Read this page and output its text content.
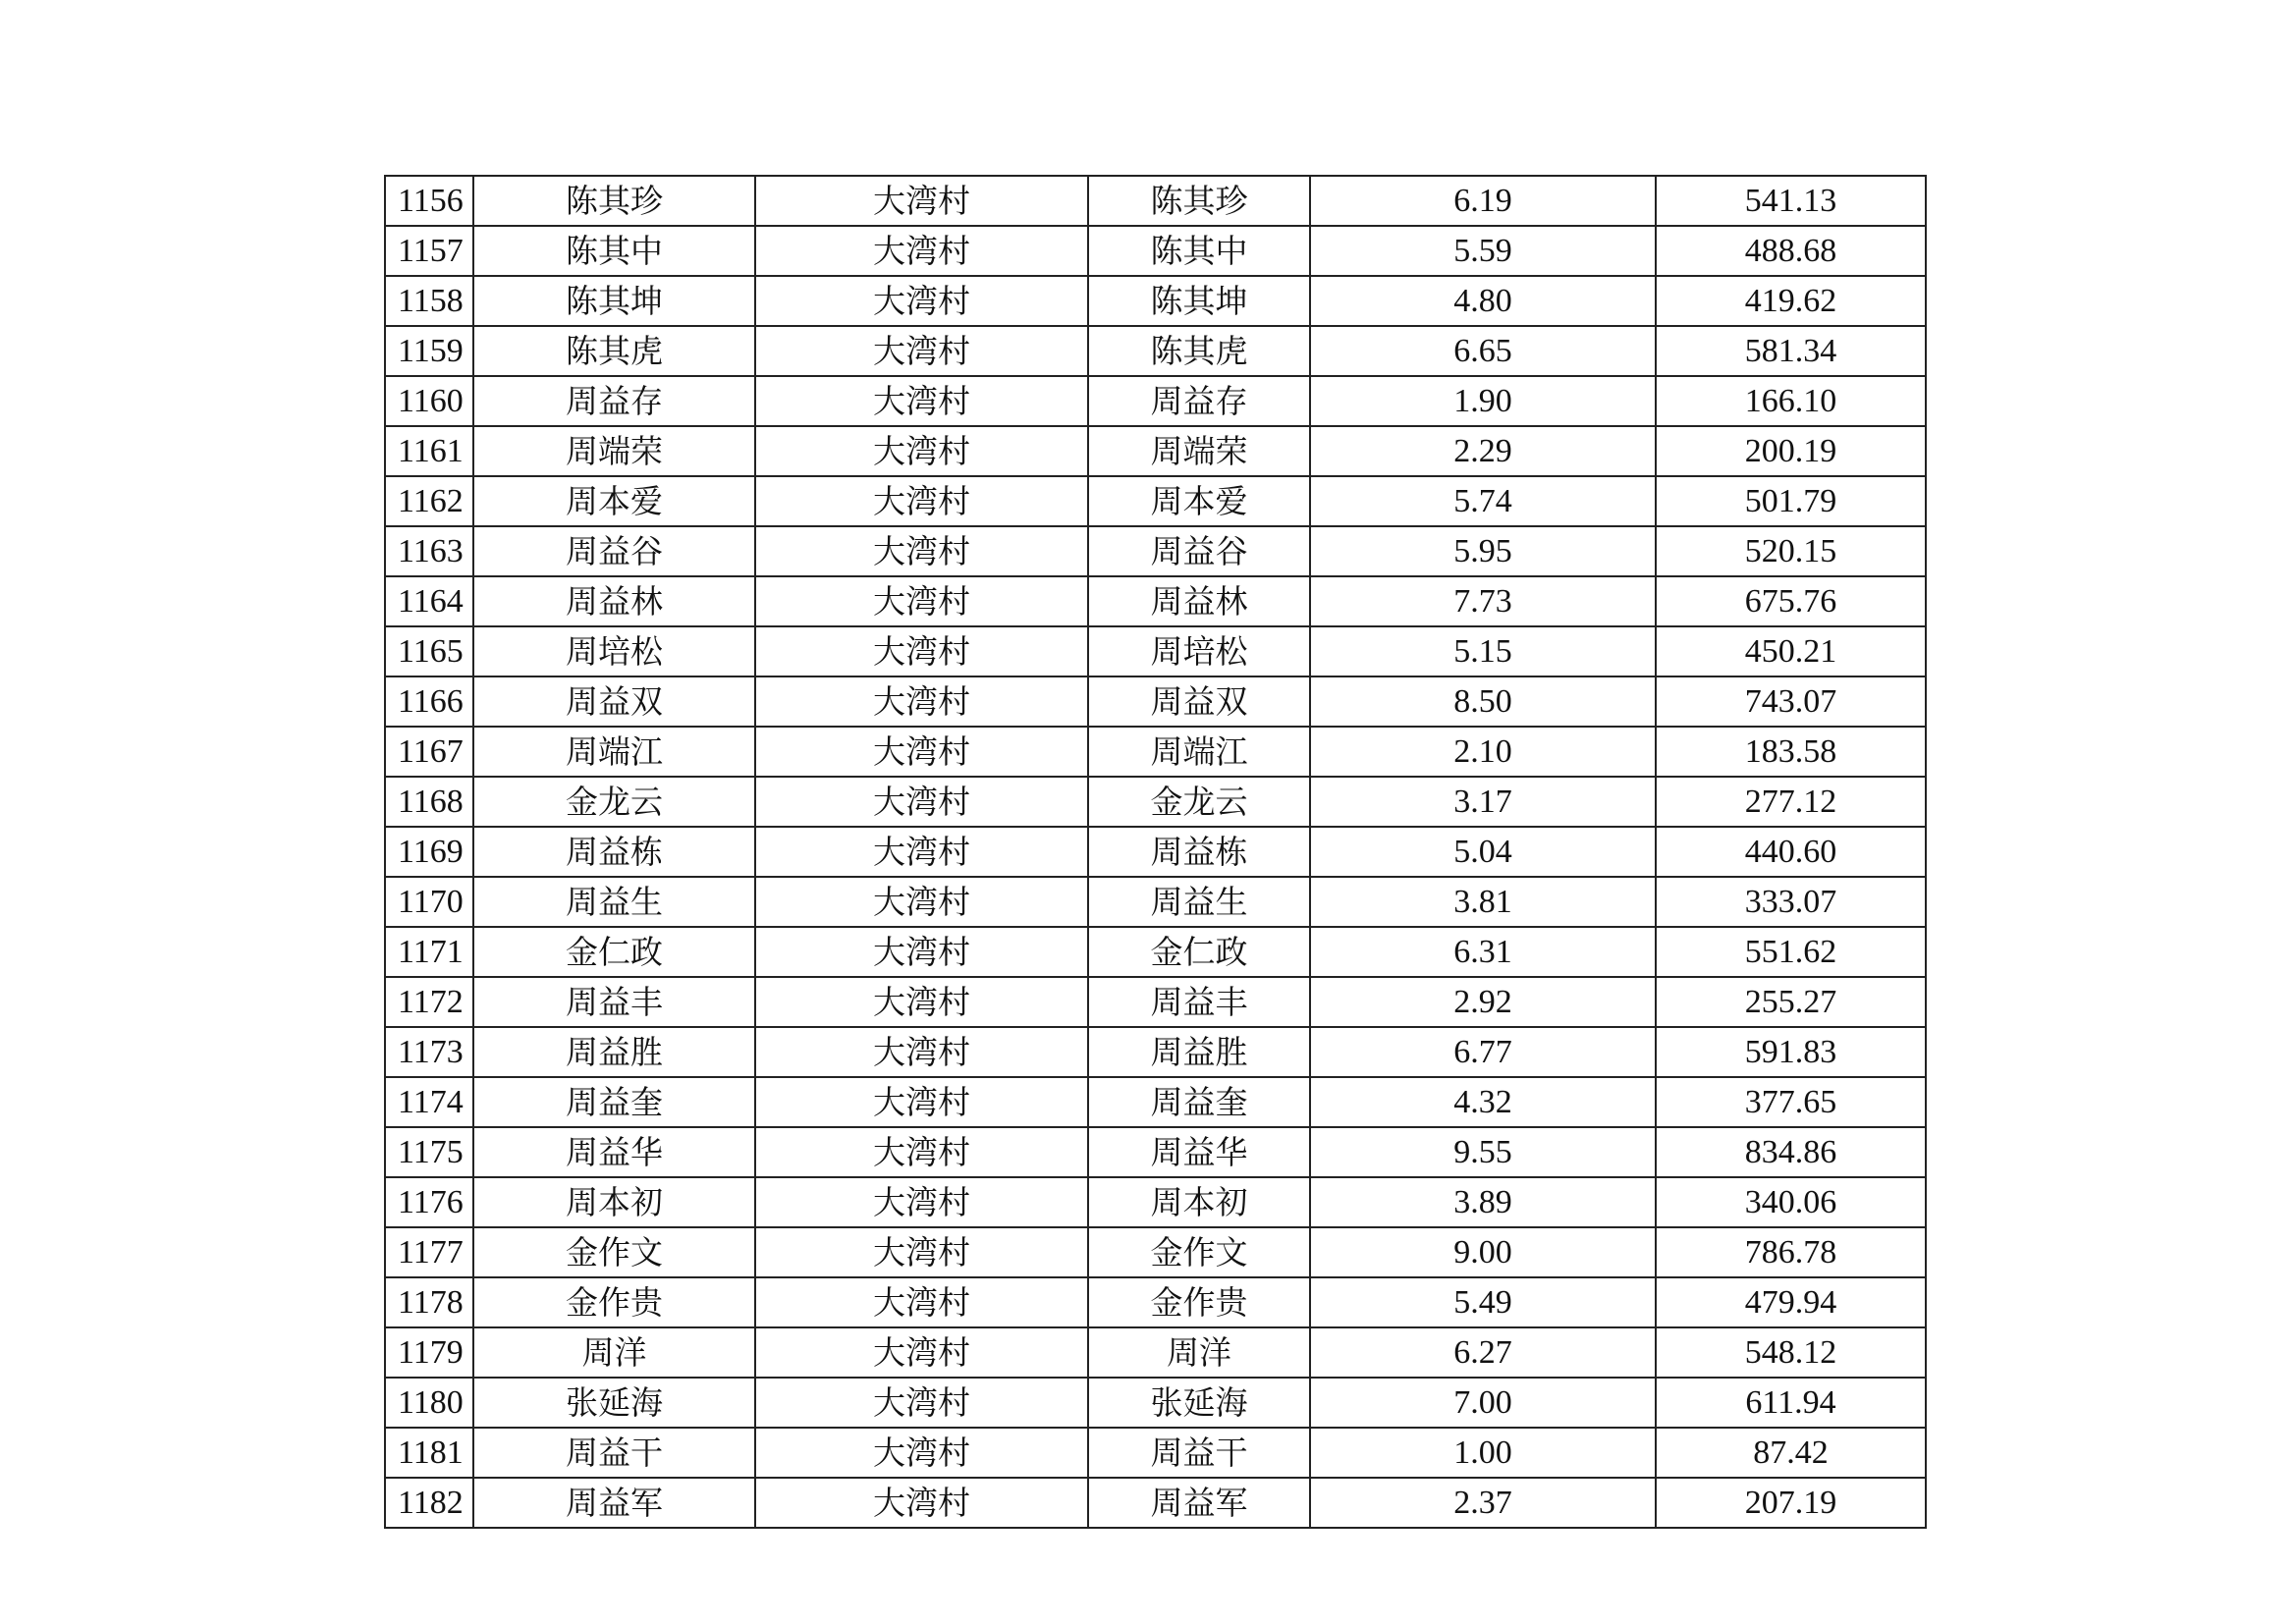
1156	陈其珍	大湾村	陈其珍	6.19	541.13
1157	陈其中	大湾村	陈其中	5.59	488.68
1158	陈其坤	大湾村	陈其坤	4.80	419.62
1159	陈其虎	大湾村	陈其虎	6.65	581.34
1160	周益存	大湾村	周益存	1.90	166.10
1161	周端荣	大湾村	周端荣	2.29	200.19
1162	周本爱	大湾村	周本爱	5.74	501.79
1163	周益谷	大湾村	周益谷	5.95	520.15
1164	周益林	大湾村	周益林	7.73	675.76
1165	周培松	大湾村	周培松	5.15	450.21
1166	周益双	大湾村	周益双	8.50	743.07
1167	周端江	大湾村	周端江	2.10	183.58
1168	金龙云	大湾村	金龙云	3.17	277.12
1169	周益栋	大湾村	周益栋	5.04	440.60
1170	周益生	大湾村	周益生	3.81	333.07
1171	金仁政	大湾村	金仁政	6.31	551.62
1172	周益丰	大湾村	周益丰	2.92	255.27
1173	周益胜	大湾村	周益胜	6.77	591.83
1174	周益奎	大湾村	周益奎	4.32	377.65
1175	周益华	大湾村	周益华	9.55	834.86
1176	周本初	大湾村	周本初	3.89	340.06
1177	金作文	大湾村	金作文	9.00	786.78
1178	金作贵	大湾村	金作贵	5.49	479.94
1179	周洋	大湾村	周洋	6.27	548.12
1180	张延海	大湾村	张延海	7.00	611.94
1181	周益干	大湾村	周益干	1.00	87.42
1182	周益军	大湾村	周益军	2.37	207.19
